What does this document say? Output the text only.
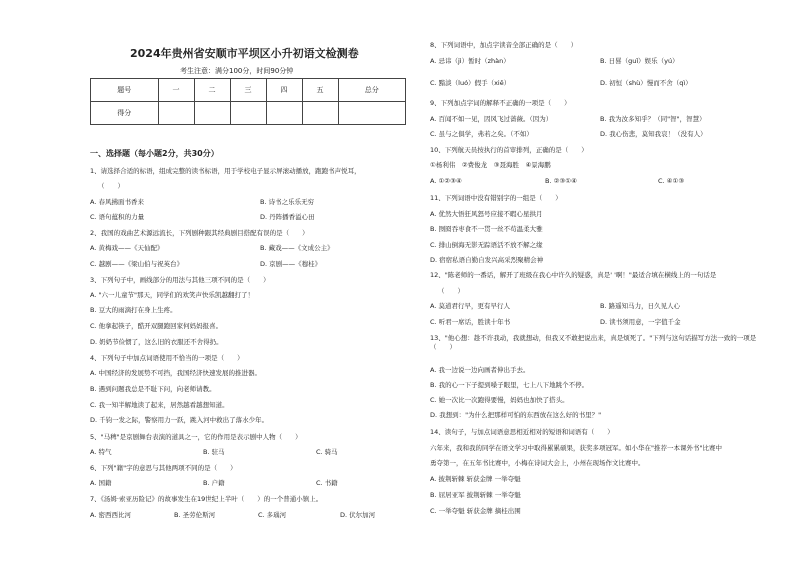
2024年贵州省安顺市平坝区小升初语文检测卷
考生注意：满分100分，时间90分钟
题号	一	二	三	四	五	总分
得分						
一、选择题（每小题2分，共30分）
1、请选择合适的标语，组成完整的读书标语，用于学校电子显示屏滚动播放，跑跑书声悦耳，
（　　）
A. 春风拂面书香来	B. 诗书之乐乐无穷
C. 语句蕴积的力量	D. 丹阵播香溢心田
2、我国的戏曲艺术源远流长，下列剧种跟其经典剧目搭配有误的是（　　）
A. 黄梅戏——《天仙配》	B. 藏戏——《文成公主》
C. 越剧——《梁山伯与祝英台》	D. 京剧——《穆桂》
3、下列句子中，画线部分的用法与其他三项不同的是（　　）
A. "六一儿童节"那天，同学们的欢笑声快乐凯越翻打了！
B. 豆大的雨滴打在身上生疼。
C. 他拿起筷子，酷开双腿跑回家何妈妈报喜。
D. 奶奶节俭惯了，这么旧的衣服还不舍得扔。
4、下列句子中加点词语使用不恰当的一项是（　　）
A. 中国经济的发展势不可挡，我国经济快速发展的推进器。
B. 遇到问题我总是不耻下问，向老师请教。
C. 我一知半解地读了起来，居然越看越想知道。
D. 千钧一发之际，警察用力一跃，跳入河中救出了落水少年。
5、"马稗"是京剧舞台表演的道具之一，它的作用是表示剧中人物（　　）
A. 特气	B. 驻马	C. 骑马
6、下列"籍"字的意思与其他两项不同的是（　　）
A. 国籍	B. 户籍	C. 书籍
7、《汤姆·索亚历险记》的故事发生在19世纪上半叶（　　）的一个普通小镇上。
A. 密西西比河	B. 圣劳伦斯河	C. 多瑙河	D. 伏尔加河
8、下列词语中，加点字读音全部正确的是（　　）
A. 忌讳（jì）暂时（zhàn）	B. 日晷（guǐ）娱乐（yú）
C. 黯淡（luó）假手（xiě）	D. 初恒（shù）慢而不舍（qì）
9、下列加点字词的解释不正确的一项是（　　）
A. 百闻不如一见，因风飞过蔷薇。（因为）	B. 我为汝多知乎？（同"智"，智慧）
C. 虽与之俱学，弗若之矣。（不如）	D. 我心伤悲，莫知我哀！（没有人）
10、下列航天员按执行的首审排列，正确的是（　　）
①杨利伟　②费俊龙　③聂海胜　④景海鹏
A. ①②③④	B. ②③①④	C. ④①③
11、下列词语中没有错别字的一组是（　　）
A. 优然大悟狂风怒号应接不暇心星拱月
B. 囫囵吞枣食不一贯一丝不苟温柔大雅
C. 排山倒海无影无踪语活不放不解之缘
D. 宿宿私语自勤自发兴高采烈聚精会神
12、"陈老师的一番话，解开了班级在我心中许久的疑惑，真是' '啊！"最适合填在横线上的一句话是
（　　）
A. 莫道君行早，更有早行人	B. 路遥知马力，日久见人心
C. 听君一席话，胜读十年书	D. 读书须用意，一字值千金
13、"他心想：趁不许我动，我就想动，但我又不敢把说出来，真是烦死了。"下列与这句话描写方法一致的一项是（　　）
A. 我一边说一边向画者伸出手去。
B. 我的心一下子提到嗓子眼里，七上八下地跳个不停。
C. 她一次比一次跑得要慢，妈妈也加快了搭头。
D. 我想到："为什么把那样可怕的东西放在这么好的书里？"
14、读句子，与加点词语意思相近相对的短语和词语有（　　）
六年来，我和我的同学在语文学习中取得累累硕果，获奖多项冠军。如小华在"推荐一本课外书"比赛中
勇夺第一，在五年书比赛中，小梅在诗词大会上，小州在现场作文比赛中。
A. 披荆斩棘 斩获金牌 一举夺魁
B. 屈居亚军 披荆斩棘 一举夺魁
C. 一举夺魁 斩获金牌 摘桂出围
